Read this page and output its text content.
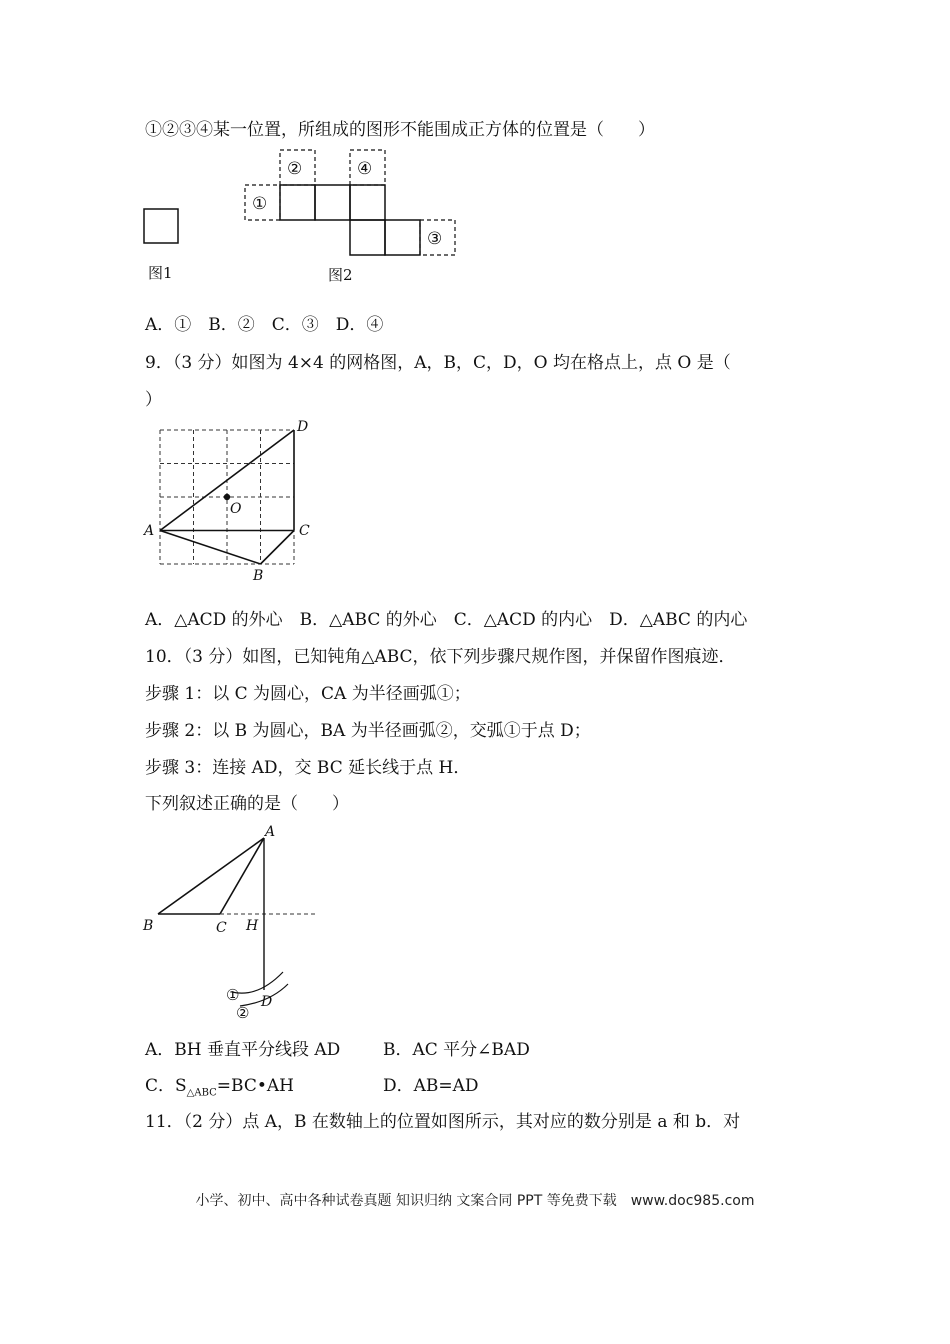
①②③④某一位置，所组成的图形不能围成正方体的位置是（　　）
图1
①
②	④
③
图2
A．①　B．②　C．③　D．④
9．（3 分）如图为 4×4 的网格图，A，B，C，D，O 均在格点上，点 O 是（
）
D
O
A	C
B
A．△ACD 的外心　B．△ABC 的外心　C．△ACD 的内心　D．△ABC 的内心
10．（3 分）如图，已知钝角△ABC，依下列步骤尺规作图，并保留作图痕迹．
步骤 1：以 C 为圆心，CA 为半径画弧①；
步骤 2：以 B 为圆心，BA 为半径画弧②，交弧①于点 D；
步骤 3：连接 AD，交 BC 延长线于点 H．
下列叙述正确的是（　　）
A
B	C H
D
①
②
A．BH 垂直平分线段 AD	B．AC 平分∠BAD
C．$S_{\triangle ABC}=BC•AH$	D．AB=AD
11．（2 分）点 A，B 在数轴上的位置如图所示，其对应的数分别是 a 和 b．对
小学、初中、高中各种试卷真题 知识归纳 文案合同 PPT 等免费下载　www.doc985.com
